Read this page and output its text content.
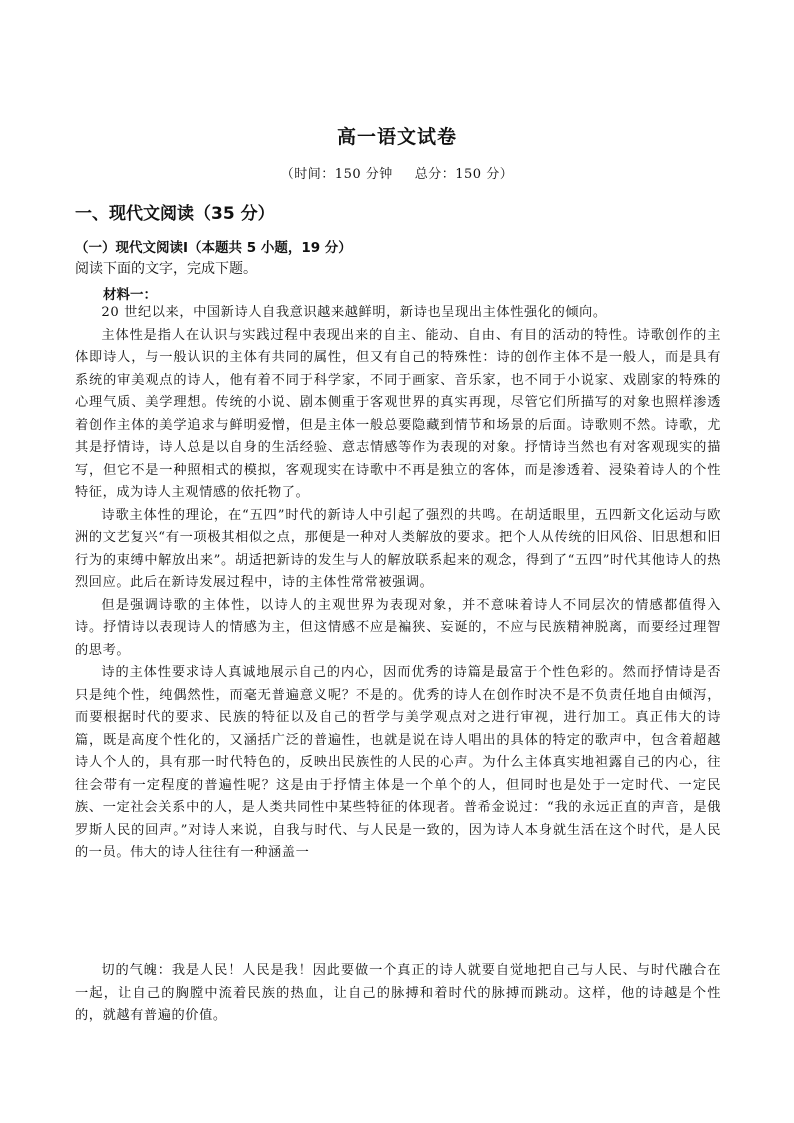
高一语文试卷
（时间：150 分钟 总分：150 分）
一、现代文阅读（35 分）
（一）现代文阅读Ⅰ（本题共 5 小题，19 分）
阅读下面的文字，完成下题。
材料一：

20 世纪以来，中国新诗人自我意识越来越鲜明，新诗也呈现出主体性强化的倾向。

主体性是指人在认识与实践过程中表现出来的自主、能动、自由、有目的活动的特性。诗歌创作的主体即诗人，与一般认识的主体有共同的属性，但又有自己的特殊性：诗的创作主体不是一般人，而是具有系统的审美观点的诗人，他有着不同于科学家，不同于画家、音乐家，也不同于小说家、戏剧家的特殊的心理气质、美学理想。传统的小说、剧本侧重于客观世界的真实再现，尽管它们所描写的对象也照样渗透着创作主体的美学追求与鲜明爱憎，但是主体一般总要隐藏到情节和场景的后面。诗歌则不然。诗歌，尤其是抒情诗，诗人总是以自身的生活经验、意志情感等作为表现的对象。抒情诗当然也有对客观现实的描写，但它不是一种照相式的模拟，客观现实在诗歌中不再是独立的客体，而是渗透着、浸染着诗人的个性特征，成为诗人主观情感的依托物了。

诗歌主体性的理论，在“五四”时代的新诗人中引起了强烈的共鸣。在胡适眼里，五四新文化运动与欧洲的文艺复兴“有一项极其相似之点，那便是一种对人类解放的要求。把个人从传统的旧风俗、旧思想和旧行为的束缚中解放出来”。胡适把新诗的发生与人的解放联系起来的观念，得到了“五四”时代其他诗人的热烈回应。此后在新诗发展过程中，诗的主体性常常被强调。

但是强调诗歌的主体性，以诗人的主观世界为表现对象，并不意味着诗人不同层次的情感都值得入诗。抒情诗以表现诗人的情感为主，但这情感不应是褊狭、妄诞的，不应与民族精神脱离，而要经过理智的思考。

诗的主体性要求诗人真诚地展示自己的内心，因而优秀的诗篇是最富于个性色彩的。然而抒情诗是否只是纯个性，纯偶然性，而毫无普遍意义呢？不是的。优秀的诗人在创作时决不是不负责任地自由倾泻，而要根据时代的要求、民族的特征以及自己的哲学与美学观点对之进行审视，进行加工。真正伟大的诗篇，既是高度个性化的，又涵括广泛的普遍性，也就是说在诗人唱出的具体的特定的歌声中，包含着超越诗人个人的，具有那一时代特色的，反映出民族性的人民的心声。为什么主体真实地袒露自己的内心，往往会带有一定程度的普遍性呢？这是由于抒情主体是一个单个的人，但同时也是处于一定时代、一定民族、一定社会关系中的人，是人类共同性中某些特征的体现者。普希金说过：“我的永远正直的声音，是俄罗斯人民的回声。”对诗人来说，自我与时代、与人民是一致的，因为诗人本身就生活在这个时代，是人民的一员。伟大的诗人往往有一种涵盖一

切的气魄：我是人民！人民是我！因此要做一个真正的诗人就要自觉地把自己与人民、与时代融合在一起，让自己的胸膛中流着民族的热血，让自己的脉搏和着时代的脉搏而跳动。这样，他的诗越是个性的，就越有普遍的价值。
